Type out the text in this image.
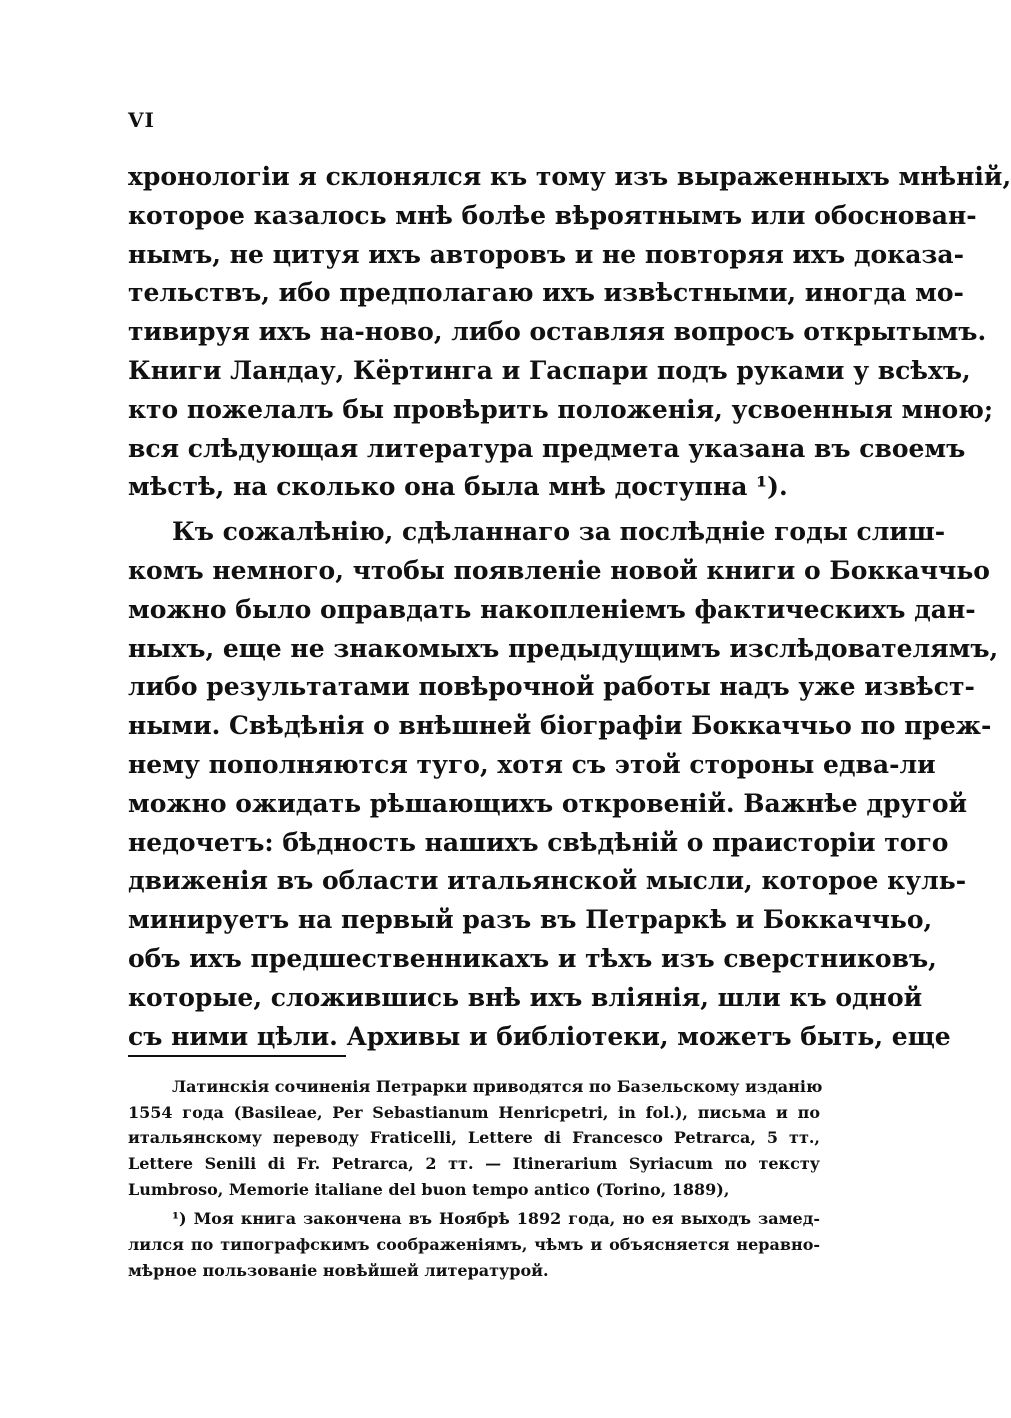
VI
хронологіи я склонялся къ тому изъ выраженныхъ мнѣній,
которое казалось мнѣ болѣе вѣроятнымъ или обоснован-
нымъ, не цитуя ихъ авторовъ и не повторяя ихъ доказа-
тельствъ, ибо предполагаю ихъ извѣстными, иногда мо-
тивируя ихъ на-ново, либо оставляя вопросъ открытымъ.
Книги Ландау, Кёртинга и Гаспари подъ руками у всѣхъ,
кто пожелалъ бы провѣрить положенія, усвоенныя мною;
вся слѣдующая литература предмета указана въ своемъ
мѣстѣ, на сколько она была мнѣ доступна ¹).
Къ сожалѣнію, сдѣланнаго за послѣдніе годы слиш-
комъ немного, чтобы появленіе новой книги о Боккаччьо
можно было оправдать накопленіемъ фактическихъ дан-
ныхъ, еще не знакомыхъ предыдущимъ изслѣдователямъ,
либо результатами повѣрочной работы надъ уже извѣст-
ными. Свѣдѣнія о внѣшней біографіи Боккаччьо по преж-
нему пополняются туго, хотя съ этой стороны едва-ли
можно ожидать рѣшающихъ откровеній. Важнѣе другой
недочетъ: бѣдность нашихъ свѣдѣній о праисторіи того
движенія въ области итальянской мысли, которое куль-
минируетъ на первый разъ въ Петраркѣ и Боккаччьо,
объ ихъ предшественникахъ и тѣхъ изъ сверстниковъ,
которые, сложившись внѣ ихъ вліянія, шли къ одной
съ ними цѣли. Архивы и библіотеки, можетъ быть, еще
Латинскія сочиненія Петрарки приводятся по Базельскому изданію
1554 года (Basileae, Per Sebastianum Henricpetri, in fol.), письма и по
итальянскому переводу Fraticelli, Lettere di Francesco Petrarca, 5 тт.,
Lettere Senili di Fr. Petrarca, 2 тт. — Itinerarium Syriacum по тексту
Lumbroso, Memorie italiane del buon tempo antico (Torino, 1889),
¹) Моя книга закончена въ Ноябрѣ 1892 года, но ея выходъ замед-
лился по типографскимъ соображеніямъ, чѣмъ и объясняется неравно-
мѣрное пользованіе новѣйшей литературой.
